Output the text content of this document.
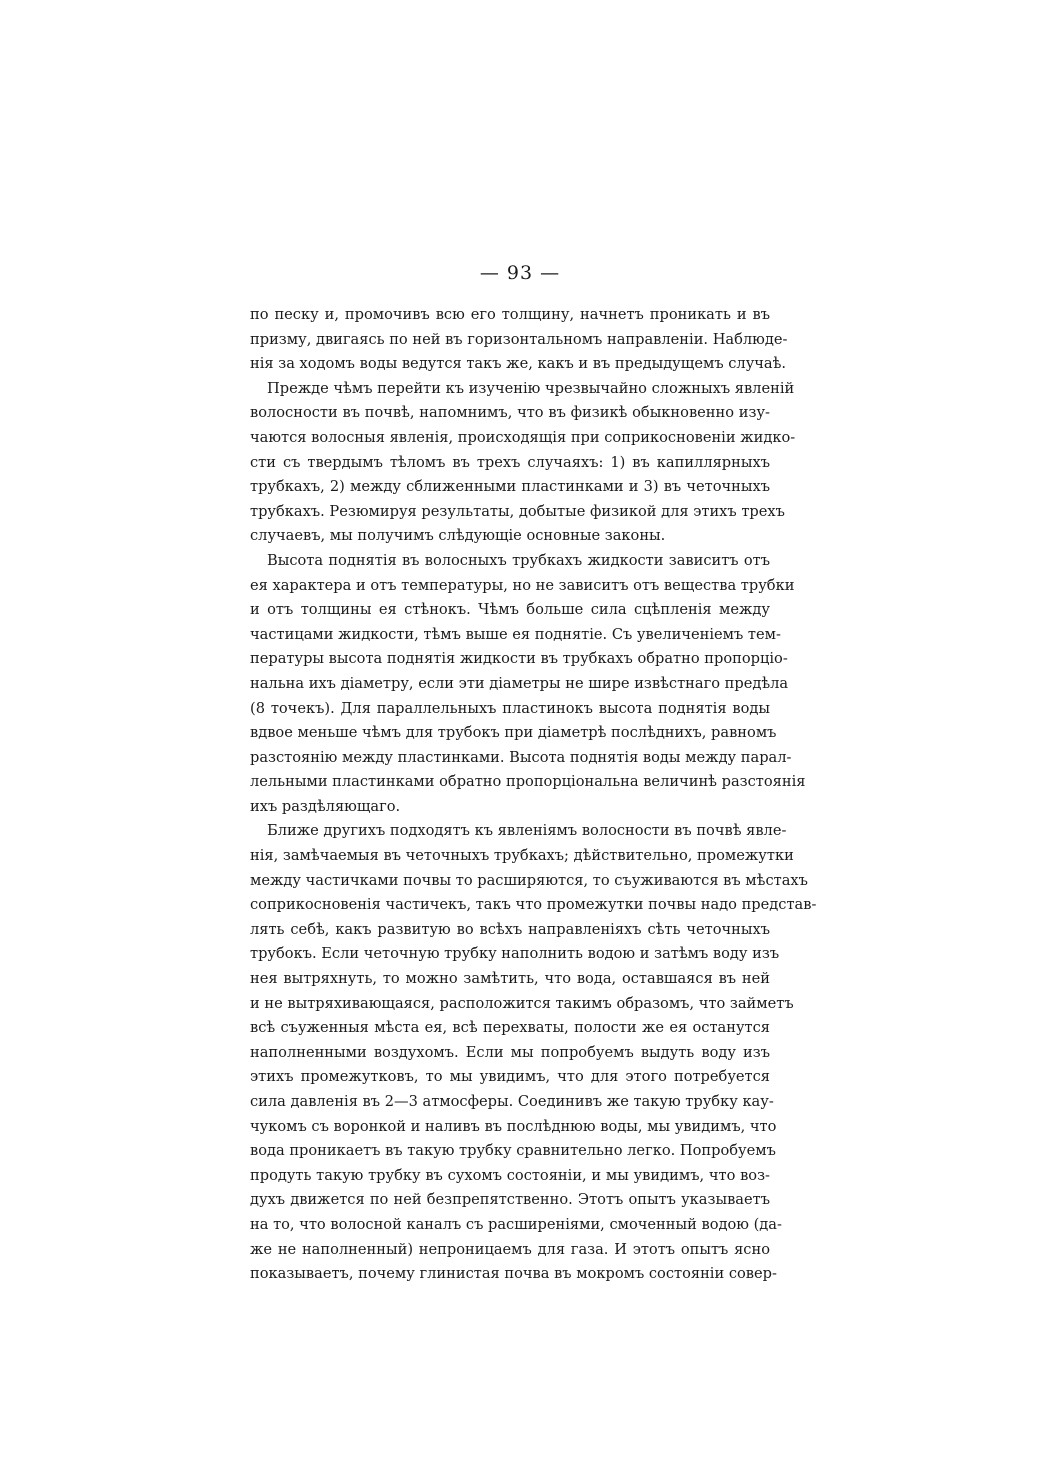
— 93 —
по песку и, промочивъ всю его толщину, начнетъ проникать и въ
призму, двигаясь по ней въ горизонтальномъ направленіи. Наблюде-
нія за ходомъ воды ведутся такъ же, какъ и въ предыдущемъ случаѣ.
Прежде чѣмъ перейти къ изученію чрезвычайно сложныхъ явленій
волосности въ почвѣ, напомнимъ, что въ физикѣ обыкновенно изу-
чаются волосныя явленія, происходящія при соприкосновеніи жидко-
сти съ твердымъ тѣломъ въ трехъ случаяхъ: 1) въ капиллярныхъ
трубкахъ, 2) между сближенными пластинками и 3) въ четочныхъ
трубкахъ. Резюмируя результаты, добытые физикой для этихъ трехъ
случаевъ, мы получимъ слѣдующіе основные законы.
Высота поднятія въ волосныхъ трубкахъ жидкости зависитъ отъ
ея характера и отъ температуры, но не зависитъ отъ вещества трубки
и отъ толщины ея стѣнокъ. Чѣмъ больше сила сцѣпленія между
частицами жидкости, тѣмъ выше ея поднятіе. Съ увеличеніемъ тем-
пературы высота поднятія жидкости въ трубкахъ обратно пропорціо-
нальна ихъ діаметру, если эти діаметры не шире извѣстнаго предѣла
(8 точекъ). Для параллельныхъ пластинокъ высота поднятія воды
вдвое меньше чѣмъ для трубокъ при діаметрѣ послѣднихъ, равномъ
разстоянію между пластинками. Высота поднятія воды между парал-
лельными пластинками обратно пропорціональна величинѣ разстоянія
ихъ раздѣляющаго.
Ближе другихъ подходятъ къ явленіямъ волосности въ почвѣ явле-
нія, замѣчаемыя въ четочныхъ трубкахъ; дѣйствительно, промежутки
между частичками почвы то расширяются, то съуживаются въ мѣстахъ
соприкосновенія частичекъ, такъ что промежутки почвы надо представ-
лять себѣ, какъ развитую во всѣхъ направленіяхъ сѣть четочныхъ
трубокъ. Если четочную трубку наполнить водою и затѣмъ воду изъ
нея вытряхнуть, то можно замѣтить, что вода, оставшаяся въ ней
и не вытряхивающаяся, расположится такимъ образомъ, что займетъ
всѣ съуженныя мѣста ея, всѣ перехваты, полости же ея останутся
наполненными воздухомъ. Если мы попробуемъ выдуть воду изъ
этихъ промежутковъ, то мы увидимъ, что для этого потребуется
сила давленія въ 2—3 атмосферы. Соединивъ же такую трубку кау-
чукомъ съ воронкой и наливъ въ послѣднюю воды, мы увидимъ, что
вода проникаетъ въ такую трубку сравнительно легко. Попробуемъ
продуть такую трубку въ сухомъ состояніи, и мы увидимъ, что воз-
духъ движется по ней безпрепятственно. Этотъ опытъ указываетъ
на то, что волосной каналъ съ расширеніями, смоченный водою (да-
же не наполненный) непроницаемъ для газа. И этотъ опытъ ясно
показываетъ, почему глинистая почва въ мокромъ состояніи совер-
